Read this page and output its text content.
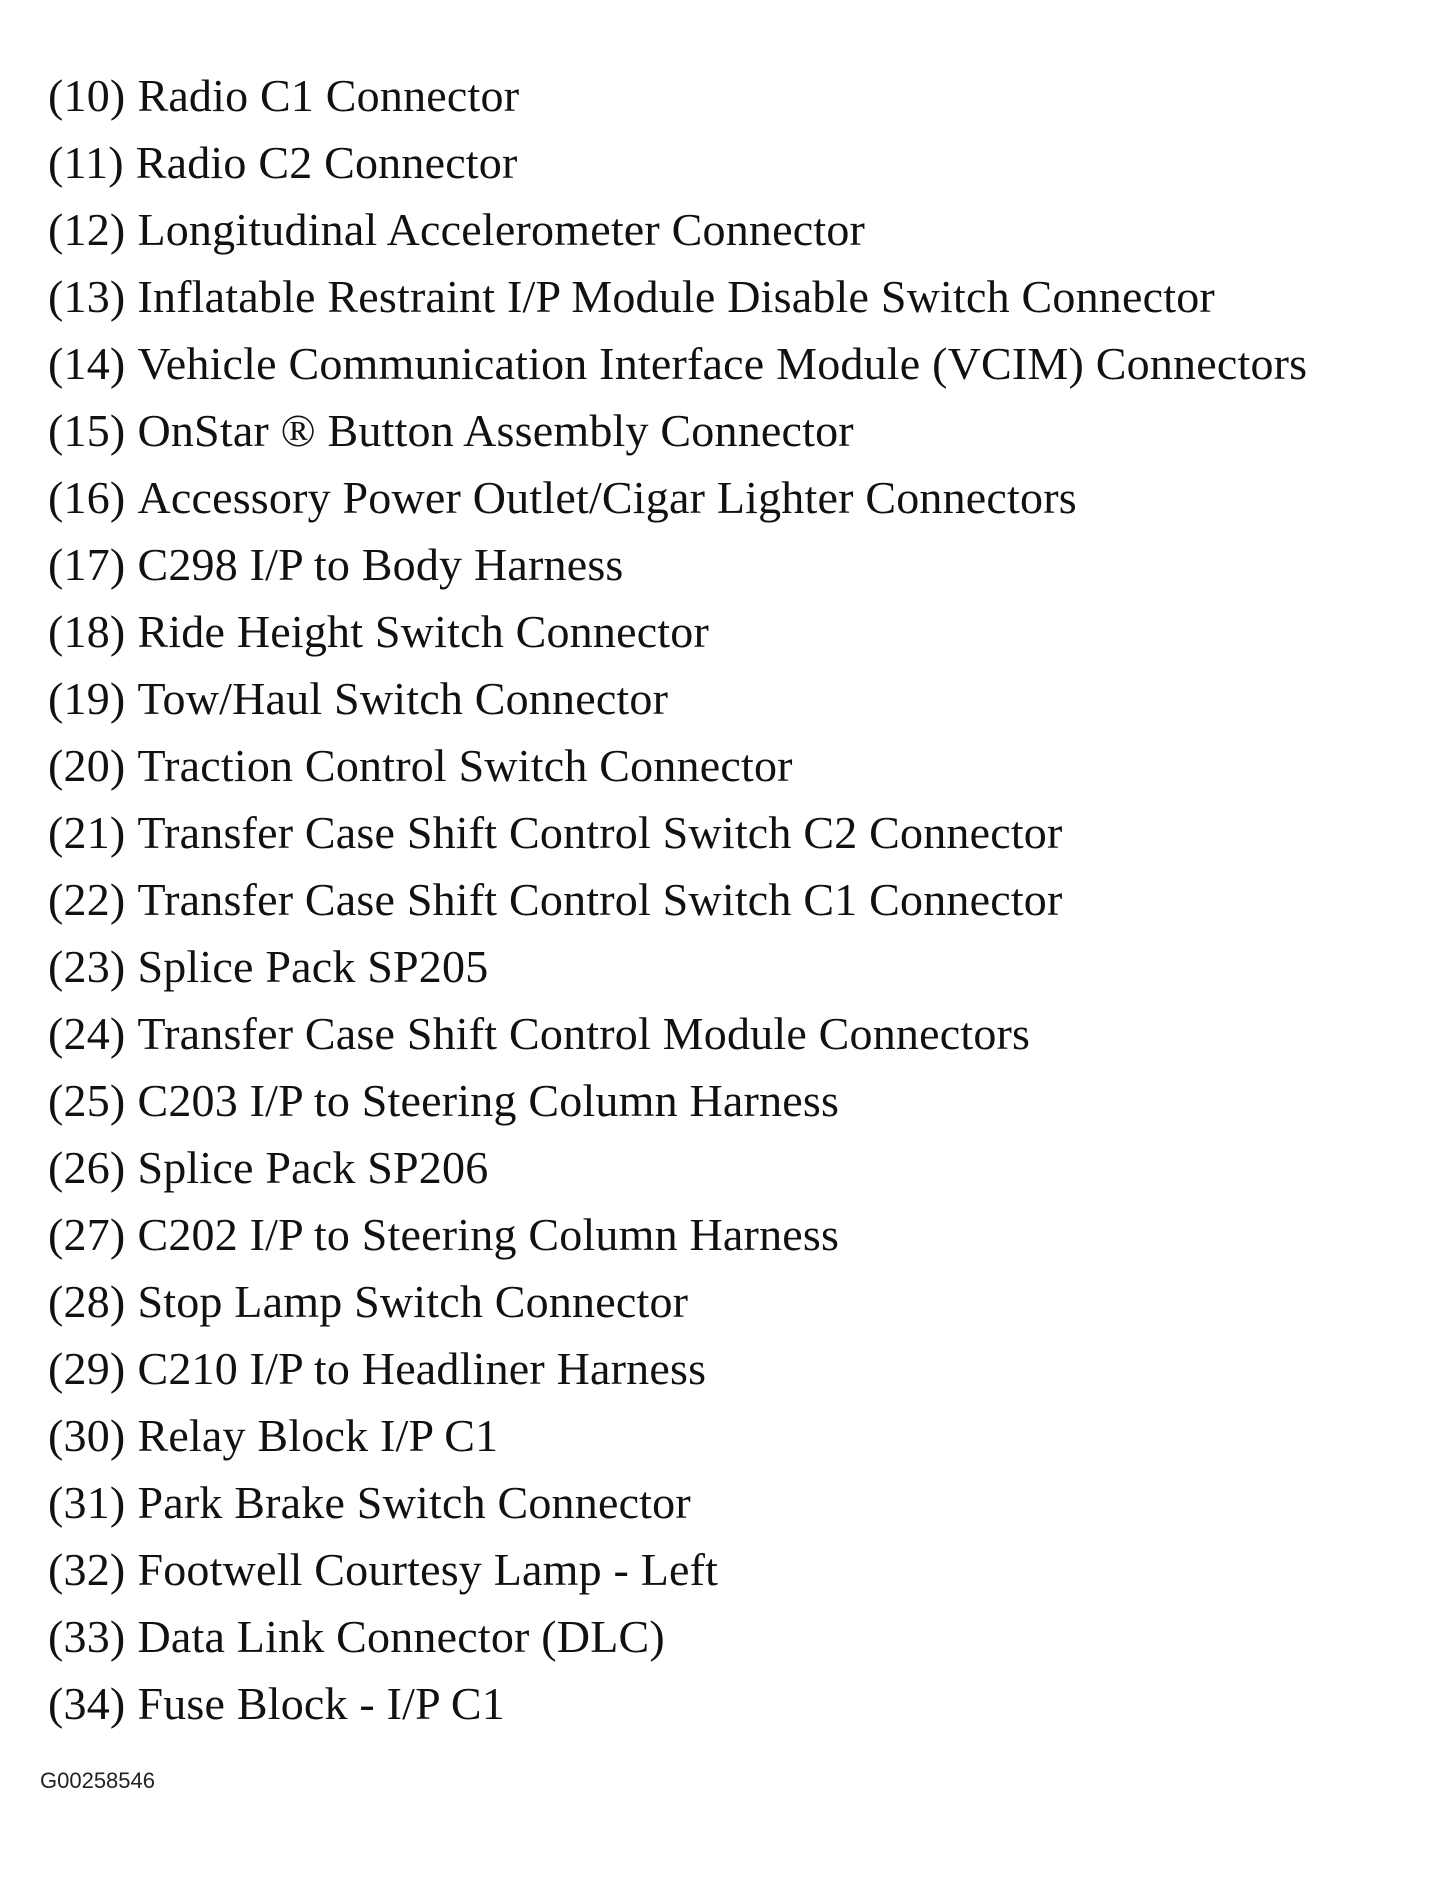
(10) Radio C1 Connector
(11) Radio C2 Connector
(12) Longitudinal Accelerometer Connector
(13) Inflatable Restraint I/P Module Disable Switch Connector
(14) Vehicle Communication Interface Module (VCIM) Connectors
(15) OnStar ® Button Assembly Connector
(16) Accessory Power Outlet/Cigar Lighter Connectors
(17) C298 I/P to Body Harness
(18) Ride Height Switch Connector
(19) Tow/Haul Switch Connector
(20) Traction Control Switch Connector
(21) Transfer Case Shift Control Switch C2 Connector
(22) Transfer Case Shift Control Switch C1 Connector
(23) Splice Pack SP205
(24) Transfer Case Shift Control Module Connectors
(25) C203 I/P to Steering Column Harness
(26) Splice Pack SP206
(27) C202 I/P to Steering Column Harness
(28) Stop Lamp Switch Connector
(29) C210 I/P to Headliner Harness
(30) Relay Block I/P C1
(31) Park Brake Switch Connector
(32) Footwell Courtesy Lamp - Left
(33) Data Link Connector (DLC)
(34) Fuse Block - I/P C1
G00258546
